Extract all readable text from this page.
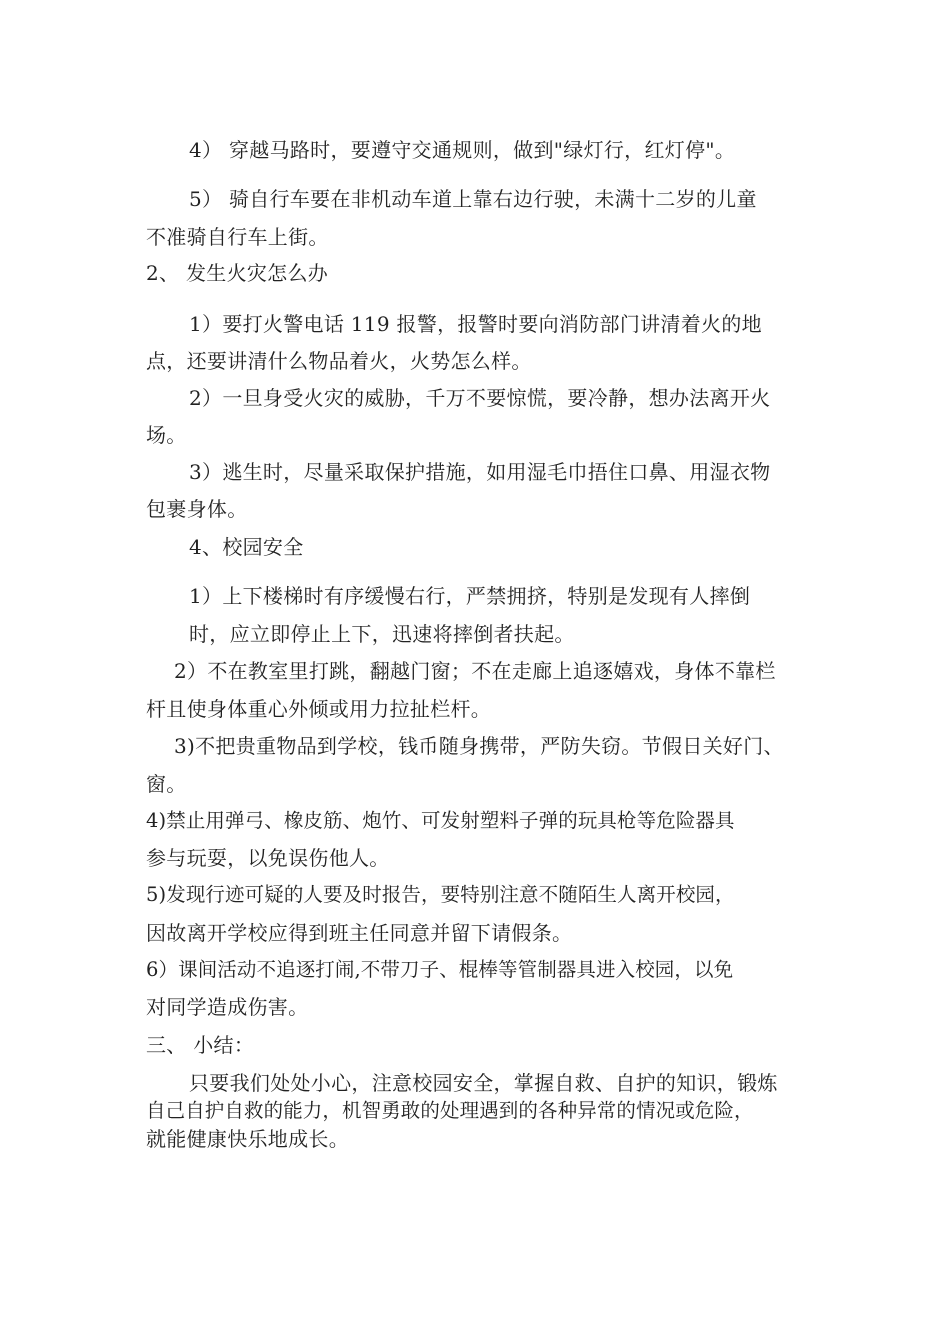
4） 穿越马路时，要遵守交通规则，做到"绿灯行，红灯停"。
5） 骑自行车要在非机动车道上靠右边行驶，未满十二岁的儿童
不准骑自行车上街。
2、 发生火灾怎么办
1）要打火警电话 119 报警，报警时要向消防部门讲清着火的地
点，还要讲清什么物品着火，火势怎么样。
2）一旦身受火灾的威胁，千万不要惊慌，要冷静，想办法离开火
场。
3）逃生时，尽量采取保护措施，如用湿毛巾捂住口鼻、用湿衣物
包裹身体。
4、校园安全
1）上下楼梯时有序缓慢右行，严禁拥挤，特别是发现有人摔倒
时，应立即停止上下，迅速将摔倒者扶起。
2）不在教室里打跳，翻越门窗；不在走廊上追逐嬉戏，身体不靠栏
杆且使身体重心外倾或用力拉扯栏杆。
3)不把贵重物品到学校，钱币随身携带，严防失窃。节假日关好门、
窗。
4)禁止用弹弓、橡皮筋、炮竹、可发射塑料子弹的玩具枪等危险器具
参与玩耍，以免误伤他人。
5)发现行迹可疑的人要及时报告，要特别注意不随陌生人离开校园，
因故离开学校应得到班主任同意并留下请假条。
6）课间活动不追逐打闹,不带刀子、棍棒等管制器具进入校园，以免
对同学造成伤害。
三、 小结：
只要我们处处小心，注意校园安全，掌握自救、自护的知识，锻炼
自己自护自救的能力，机智勇敢的处理遇到的各种异常的情况或危险，
就能健康快乐地成长。
